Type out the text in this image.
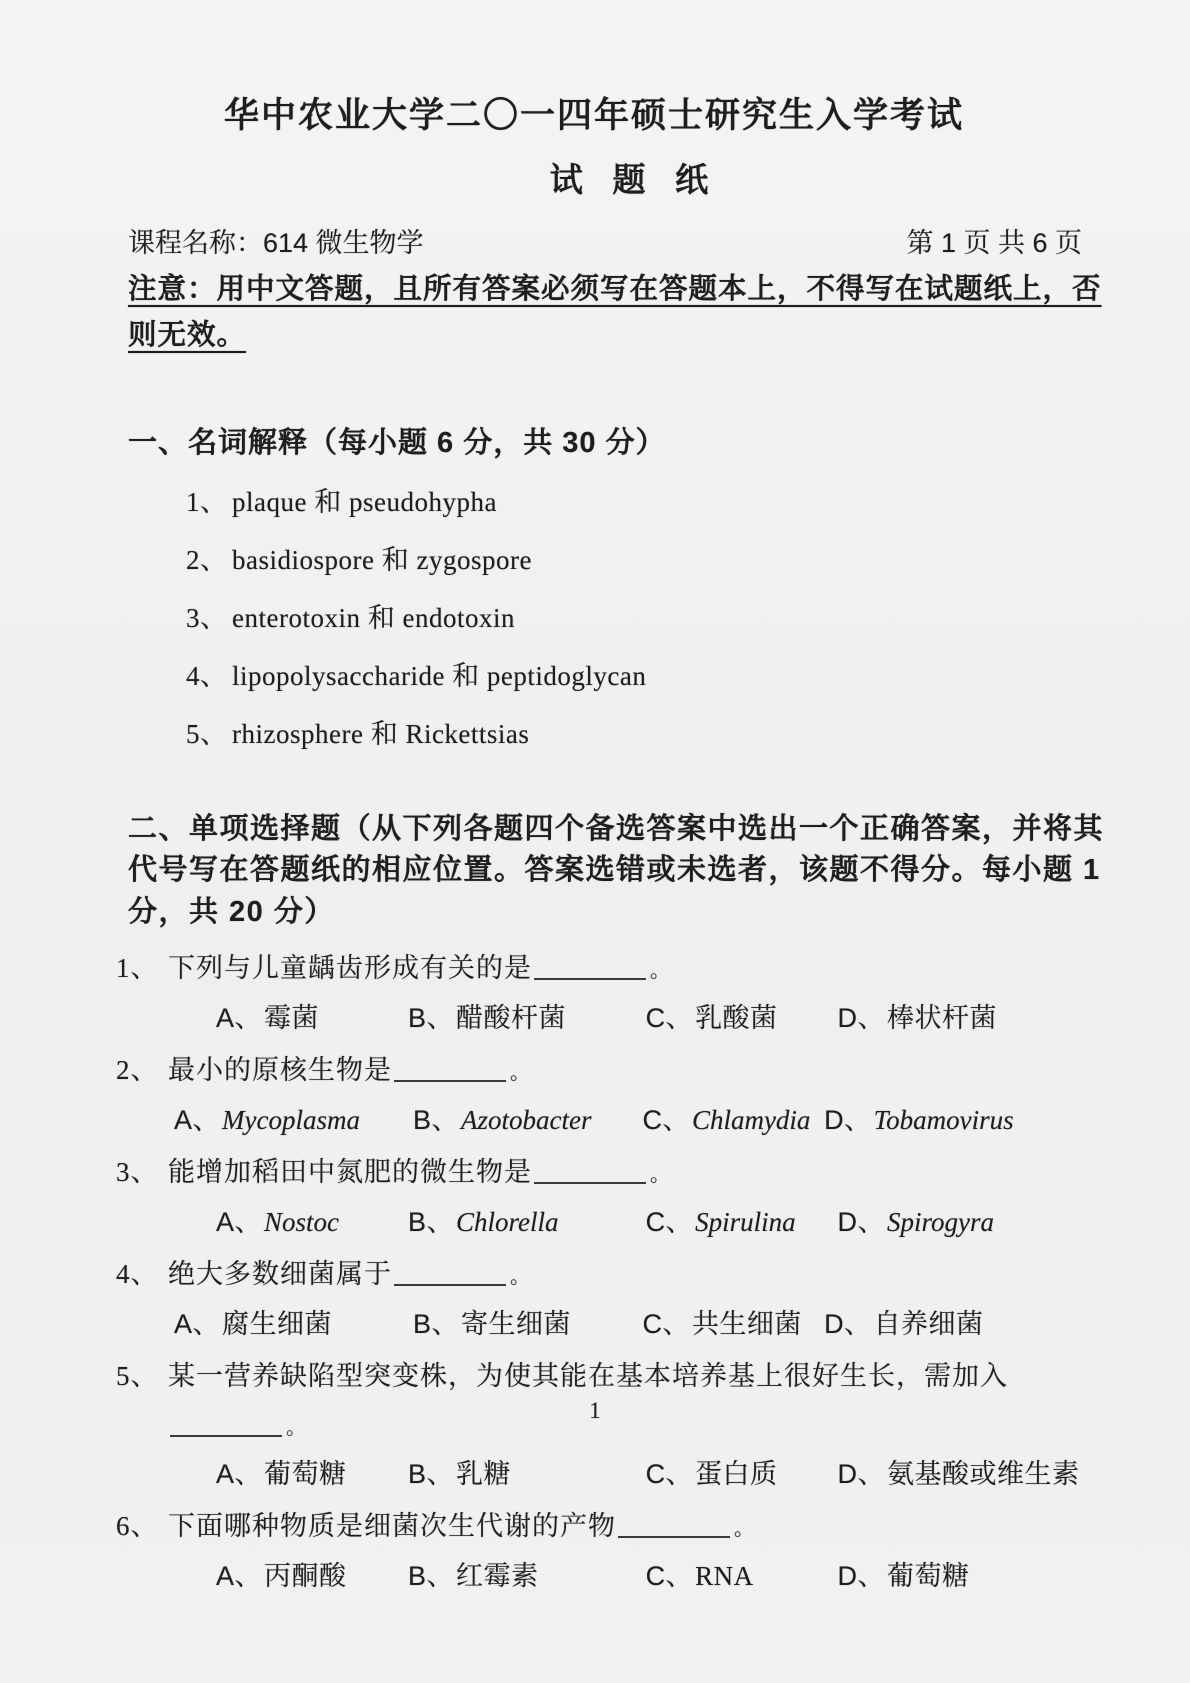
华中农业大学二〇一四年硕士研究生入学考试
试题纸
课程名称：614 微生物学	第 1 页 共 6 页
注意：用中文答题，且所有答案必须写在答题本上，不得写在试题纸上，否则无效。
一、名词解释（每小题 6 分，共 30 分）
1、 plaque 和 pseudohypha
2、 basidiospore 和 zygospore
3、 enterotoxin 和 endotoxin
4、 lipopolysaccharide 和 peptidoglycan
5、 rhizosphere 和 Rickettsias
二、单项选择题（从下列各题四个备选答案中选出一个正确答案，并将其代号写在答题纸的相应位置。答案选错或未选者，该题不得分。每小题 1 分，共 20 分）
1、 下列与儿童龋齿形成有关的是	。
A、霉菌	B、醋酸杆菌	C、乳酸菌	D、棒状杆菌
2、 最小的原核生物是	。
A、Mycoplasma	B、Azotobacter	C、Chlamydia D、Tobamovirus
3、 能增加稻田中氮肥的微生物是	。
A、Nostoc	B、Chlorella	C、Spirulina	D、Spirogyra
4、 绝大多数细菌属于	。
A、腐生细菌	B、寄生细菌	C、共生细菌 D、自养细菌
5、 某一营养缺陷型突变株，为使其能在基本培养基上很好生长，需加入
。
A、葡萄糖	B、乳糖	C、蛋白质	D、氨基酸或维生素
6、 下面哪种物质是细菌次生代谢的产物	。
A、丙酮酸	B、红霉素	C、RNA	D、葡萄糖
1
